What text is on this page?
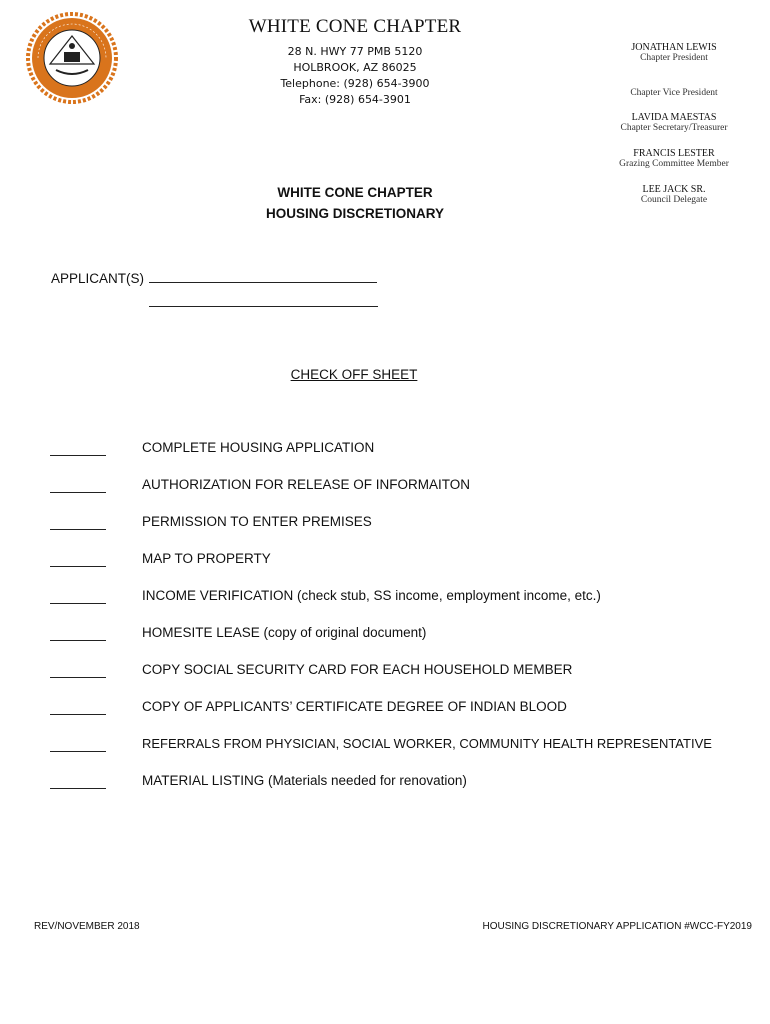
WHITE CONE CHAPTER
28 N. HWY 77 PMB 5120
HOLBROOK, AZ 86025
Telephone: (928) 654-3900
Fax: (928) 654-3901
JONATHAN LEWIS
Chapter President
Chapter Vice President
LAVIDA MAESTAS
Chapter Secretary/Treasurer
FRANCIS LESTER
Grazing Committee Member
LEE JACK SR.
Council Delegate
WHITE CONE CHAPTER
HOUSING DISCRETIONARY
APPLICANT(S)
CHECK OFF SHEET
COMPLETE HOUSING APPLICATION
AUTHORIZATION FOR RELEASE OF INFORMAITON
PERMISSION TO ENTER PREMISES
MAP TO PROPERTY
INCOME VERIFICATION (check stub, SS income, employment income, etc.)
HOMESITE LEASE (copy of original document)
COPY SOCIAL SECURITY CARD FOR EACH HOUSEHOLD MEMBER
COPY OF APPLICANTS’ CERTIFICATE DEGREE OF INDIAN BLOOD
REFERRALS FROM PHYSICIAN, SOCIAL WORKER, COMMUNITY HEALTH REPRESENTATIVE
MATERIAL LISTING (Materials needed for renovation)
REV/NOVEMBER 2018	HOUSING DISCRETIONARY APPLICATION #WCC-FY2019
